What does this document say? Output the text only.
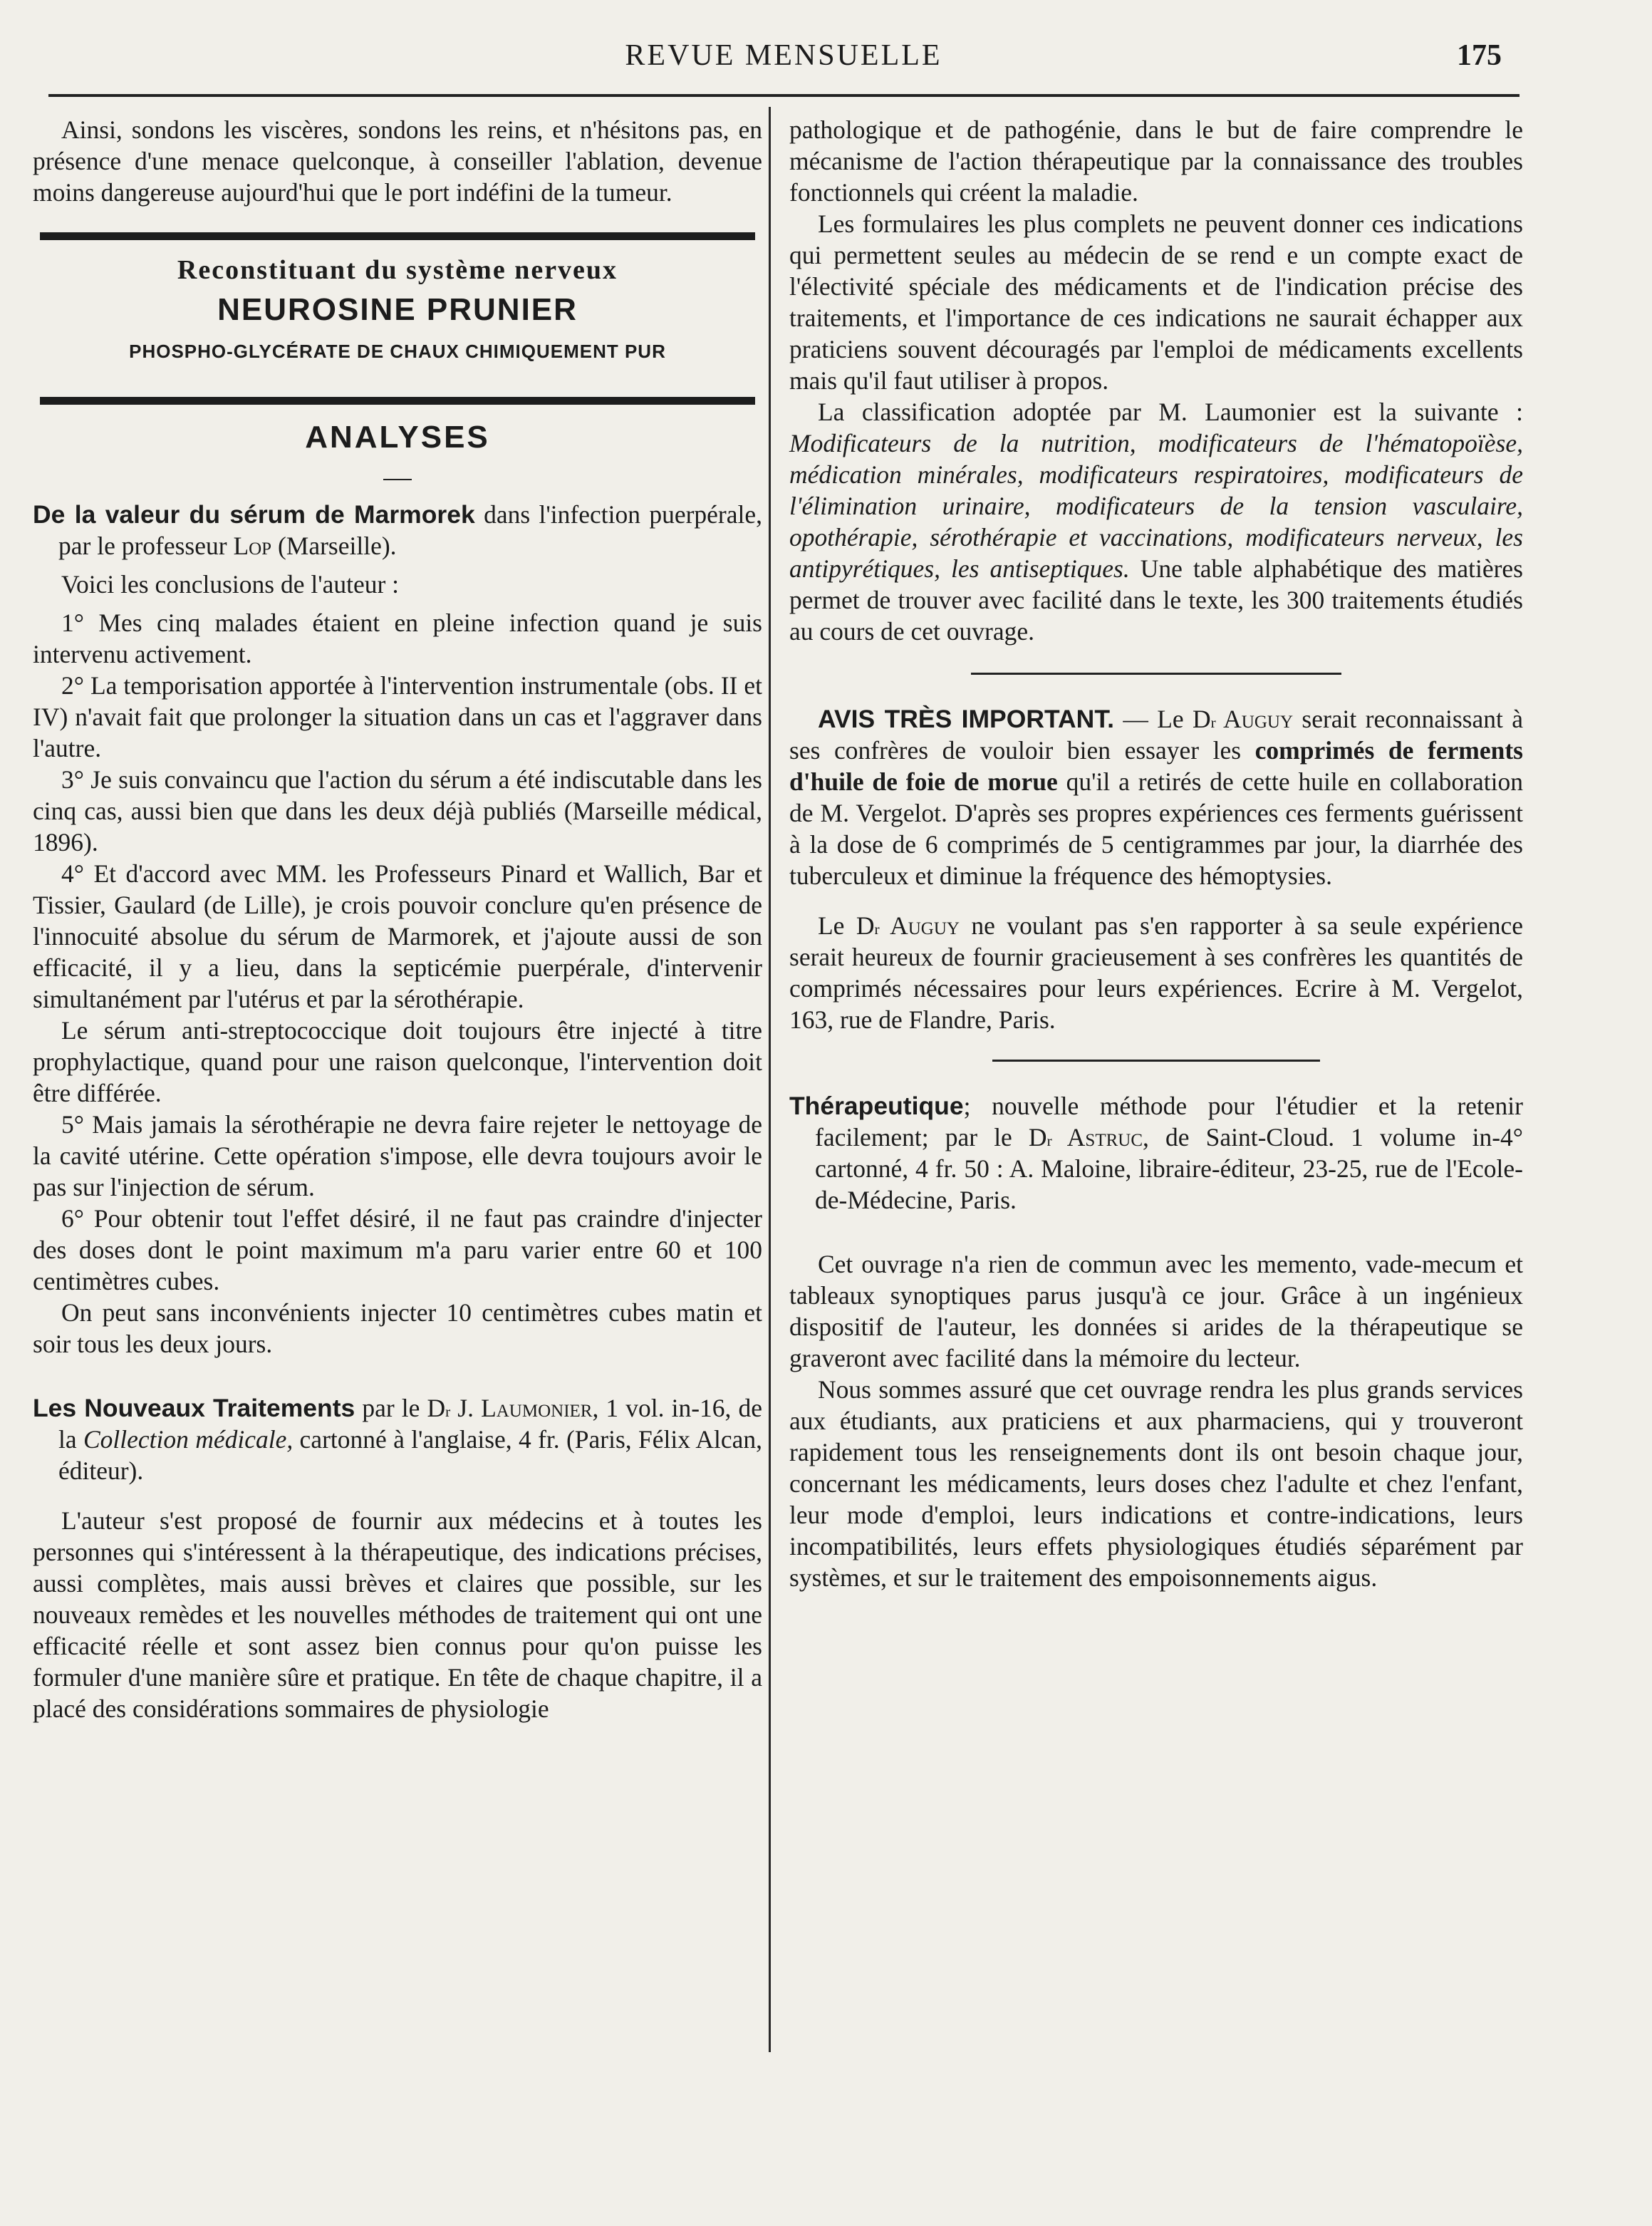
REVUE MENSUELLE	175

Ainsi, sondons les viscères, sondons les reins, et n'hésitons pas, en présence d'une menace quelconque, à conseiller l'ablation, devenue moins dangereuse aujourd'hui que le port indéfini de la tumeur.

Reconstituant du système nerveux
NEUROSINE PRUNIER
PHOSPHO-GLYCÉRATE DE CHAUX CHIMIQUEMENT PUR
ANALYSES

De la valeur du sérum de Marmorek dans l'infection puerpérale, par le professeur Lop (Marseille).

Voici les conclusions de l'auteur :

1° Mes cinq malades étaient en pleine infection quand je suis intervenu activement.

2° La temporisation apportée à l'intervention instrumentale (obs. II et IV) n'avait fait que prolonger la situation dans un cas et l'aggraver dans l'autre.

3° Je suis convaincu que l'action du sérum a été indiscutable dans les cinq cas, aussi bien que dans les deux déjà publiés (Marseille médical, 1896).

4° Et d'accord avec MM. les Professeurs Pinard et Wallich, Bar et Tissier, Gaulard (de Lille), je crois pouvoir conclure qu'en présence de l'innocuité absolue du sérum de Marmorek, et j'ajoute aussi de son efficacité, il y a lieu, dans la septicémie puerpérale, d'intervenir simultanément par l'utérus et par la sérothérapie.

Le sérum anti-streptococcique doit toujours être injecté à titre prophylactique, quand pour une raison quelconque, l'intervention doit être différée.

5° Mais jamais la sérothérapie ne devra faire rejeter le nettoyage de la cavité utérine. Cette opération s'impose, elle devra toujours avoir le pas sur l'injection de sérum.

6° Pour obtenir tout l'effet désiré, il ne faut pas craindre d'injecter des doses dont le point maximum m'a paru varier entre 60 et 100 centimètres cubes.

On peut sans inconvénients injecter 10 centimètres cubes matin et soir tous les deux jours.

Les Nouveaux Traitements par le $D^r$ J. Laumonier, 1 vol. in-16, de la Collection médicale, cartonné à l'anglaise, 4 fr. (Paris, Félix Alcan, éditeur).

L'auteur s'est proposé de fournir aux médecins et à toutes les personnes qui s'intéressent à la thérapeutique, des indications précises, aussi complètes, mais aussi brèves et claires que possible, sur les nouveaux remèdes et les nouvelles méthodes de traitement qui ont une efficacité réelle et sont assez bien connus pour qu'on puisse les formuler d'une manière sûre et pratique. En tête de chaque chapitre, il a placé des considérations sommaires de physiologie

pathologique et de pathogénie, dans le but de faire comprendre le mécanisme de l'action thérapeutique par la connaissance des troubles fonctionnels qui créent la maladie.

Les formulaires les plus complets ne peuvent donner ces indications qui permettent seules au médecin de se rend e un compte exact de l'électivité spéciale des médicaments et de l'indication précise des traitements, et l'importance de ces indications ne saurait échapper aux praticiens souvent découragés par l'emploi de médicaments excellents mais qu'il faut utiliser à propos.

La classification adoptée par M. Laumonier est la suivante : Modificateurs de la nutrition, modificateurs de l'hématopoïèse, médication minérales, modificateurs respiratoires, modificateurs de l'élimination urinaire, modificateurs de la tension vasculaire, opothérapie, sérothérapie et vaccinations, modificateurs nerveux, les antipyrétiques, les antiseptiques. Une table alphabétique des matières permet de trouver avec facilité dans le texte, les 300 traitements étudiés au cours de cet ouvrage.

AVIS TRÈS IMPORTANT. — Le $D^r$ Auguy serait reconnaissant à ses confrères de vouloir bien essayer les comprimés de ferments d'huile de foie de morue qu'il a retirés de cette huile en collaboration de M. Vergelot. D'après ses propres expériences ces ferments guérissent à la dose de 6 comprimés de 5 centigrammes par jour, la diarrhée des tuberculeux et diminue la fréquence des hémoptysies.

Le $D^r$ Auguy ne voulant pas s'en rapporter à sa seule expérience serait heureux de fournir gracieusement à ses confrères les quantités de comprimés nécessaires pour leurs expériences. Ecrire à M. Vergelot, 163, rue de Flandre, Paris.

Thérapeutique; nouvelle méthode pour l'étudier et la retenir facilement; par le $D^r$ Astruc, de Saint-Cloud. 1 volume in-4° cartonné, 4 fr. 50 : A. Maloine, libraire-éditeur, 23-25, rue de l'Ecole-de-Médecine, Paris.

Cet ouvrage n'a rien de commun avec les memento, vade-mecum et tableaux synoptiques parus jusqu'à ce jour. Grâce à un ingénieux dispositif de l'auteur, les données si arides de la thérapeutique se graveront avec facilité dans la mémoire du lecteur.

Nous sommes assuré que cet ouvrage rendra les plus grands services aux étudiants, aux praticiens et aux pharmaciens, qui y trouveront rapidement tous les renseignements dont ils ont besoin chaque jour, concernant les médicaments, leurs doses chez l'adulte et chez l'enfant, leur mode d'emploi, leurs indications et contre-indications, leurs incompatibilités, leurs effets physiologiques étudiés séparément par systèmes, et sur le traitement des empoisonnements aigus.
